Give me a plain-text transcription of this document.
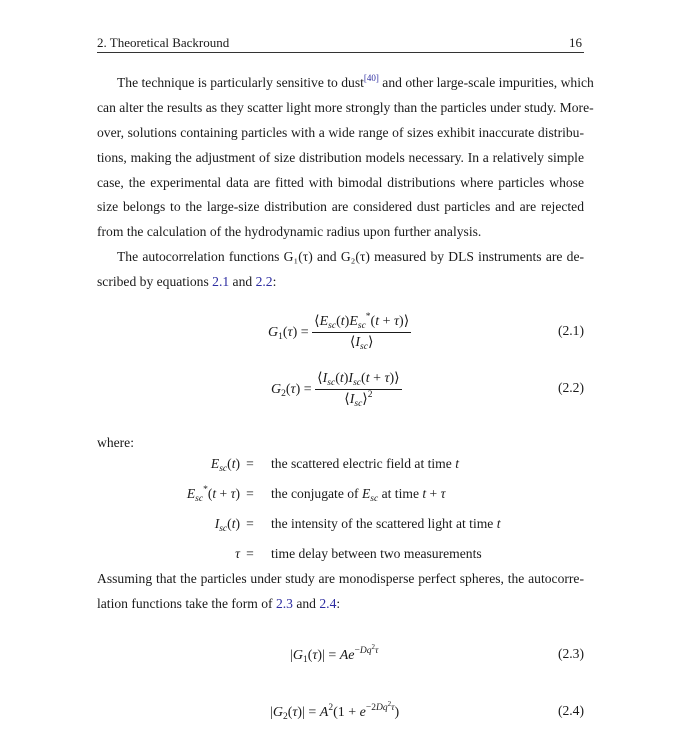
2. Theoretical Backround	16
The technique is particularly sensitive to dust[40] and other large-scale impurities, which
can alter the results as they scatter light more strongly than the particles under study. More-
over, solutions containing particles with a wide range of sizes exhibit inaccurate distribu-
tions, making the adjustment of size distribution models necessary. In a relatively simple
case, the experimental data are fitted with bimodal distributions where particles whose
size belongs to the large-size distribution are considered dust particles and are rejected
from the calculation of the hydrodynamic radius upon further analysis.
The autocorrelation functions G₁(τ) and G₂(τ) measured by DLS instruments are de-
scribed by equations 2.1 and 2.2:
$G_1(\tau) = \frac{⟨E_{sc}(t)E_{sc}^*(t + \tau)⟩}{⟨I_{sc}⟩}$	(2.1)
$G_2(\tau) = \frac{⟨I_{sc}(t)I_{sc}(t + \tau)⟩}{⟨I_{sc}⟩^2}$	(2.2)
where:
$E_{sc}(t)$ =	the scattered electric field at time t
$E_{sc}^*(t + \tau)$ =	the conjugate of $E_{sc}$ at time t + τ
$I_{sc}(t)$ =	the intensity of the scattered light at time t
τ =	time delay between two measurements
Assuming that the particles under study are monodisperse perfect spheres, the autocorre-
lation functions take the form of 2.3 and 2.4:
$|G_1(\tau)| = Ae^{-Dq^2\tau}$	(2.3)
$|G_2(\tau)| = A^2(1 + e^{-2Dq^2\tau})$	(2.4)
